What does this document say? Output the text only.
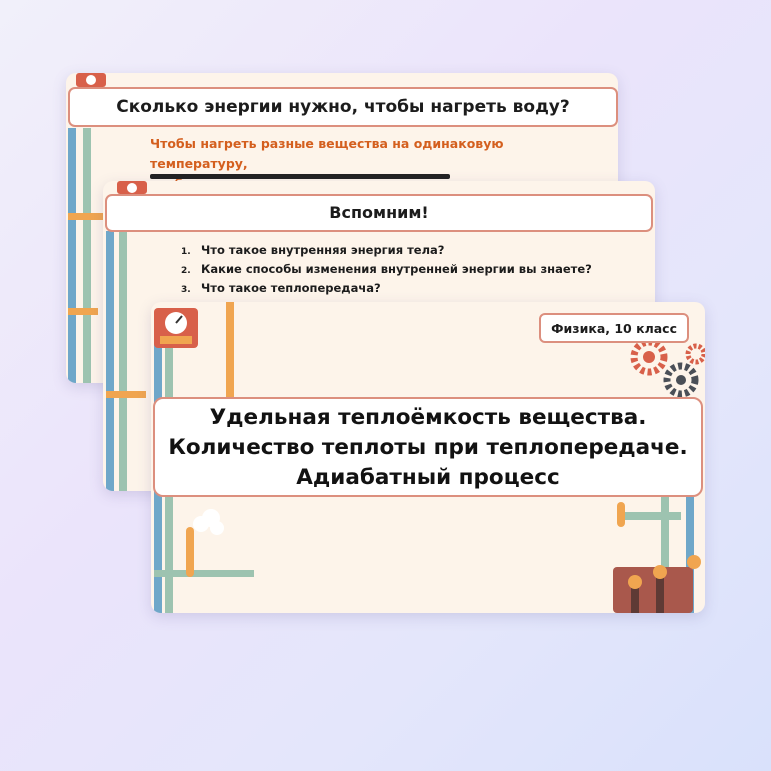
Сколько энергии нужно, чтобы нагреть воду?
Чтобы нагреть разные вещества на одинаковую температуру,
Вспомним!
1. Что такое внутренняя энергия тела?
2. Какие способы изменения внутренней энергии вы знаете?
3. Что такое теплопередача?
Физика, 10 класс
Удельная теплоёмкость вещества.
Количество теплоты при теплопередаче.
Адиабатный процесс
